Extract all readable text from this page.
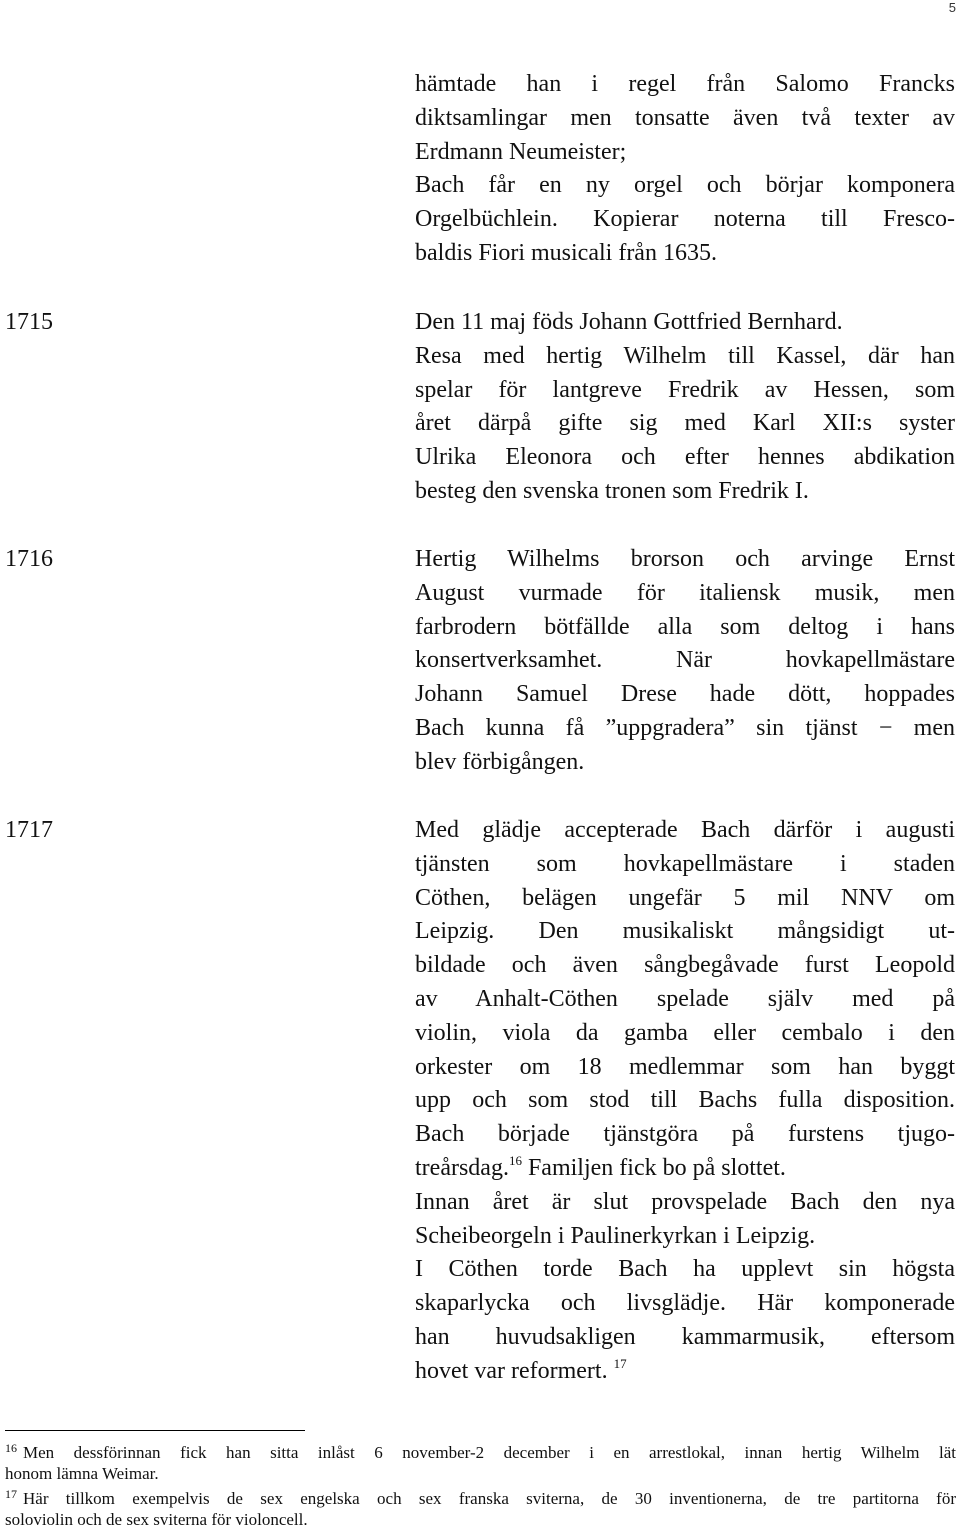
5
hämtade han i regel från Salomo Francks
diktsamlingar men tonsatte även två texter av
Erdmann Neumeister;
Bach får en ny orgel och börjar komponera
Orgelbüchlein. Kopierar noterna till Fresco-
baldis Fiori musicali från 1635.
1715	Den 11 maj föds Johann Gottfried Bernhard.
Resa med hertig Wilhelm till Kassel, där han
spelar för lantgreve Fredrik av Hessen, som
året därpå gifte sig med Karl XII:s syster
Ulrika Eleonora och efter hennes abdikation
besteg den svenska tronen som Fredrik I.
1716	Hertig Wilhelms brorson och arvinge Ernst
August vurmade för italiensk musik, men
farbrodern bötfällde alla som deltog i hans
konsertverksamhet. När hovkapellmästare
Johann Samuel Drese hade dött, hoppades
Bach kunna få ”uppgradera” sin tjänst − men
blev förbigången.
1717	Med glädje accepterade Bach därför i augusti
tjänsten som hovkapellmästare i staden
Cöthen, belägen ungefär 5 mil NNV om
Leipzig. Den musikaliskt mångsidigt ut-
bildade och även sångbegåvade furst Leopold
av Anhalt-Cöthen spelade själv med på
violin, viola da gamba eller cembalo i den
orkester om 18 medlemmar som han byggt
upp och som stod till Bachs fulla disposition.
Bach började tjänstgöra på furstens tjugo-
treårsdag.$^{16}$ Familjen fick bo på slottet.
Innan året är slut provspelade Bach den nya
Scheibeorgeln i Paulinerkyrkan i Leipzig.
I Cöthen torde Bach ha upplevt sin högsta
skaparlycka och livsglädje. Här komponerade
han huvudsakligen kammarmusik, eftersom
hovet var reformert. $^{17}$
$^{16}$ Men dessförinnan fick han sitta inlåst 6 november-2 december i en arrestlokal, innan hertig Wilhelm lät
honom lämna Weimar.
$^{17}$ Här tillkom exempelvis de sex engelska och sex franska sviterna, de 30 inventionerna, de tre partitorna för
soloviolin och de sex sviterna för violoncell.
